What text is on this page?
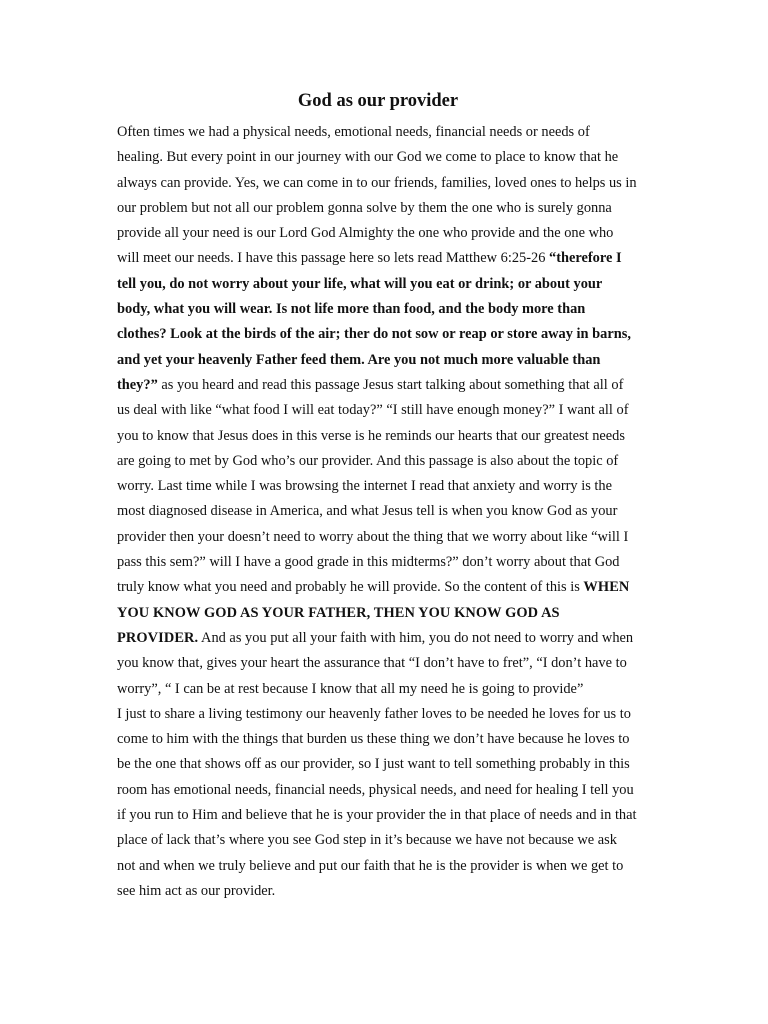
God as our provider

Often times we had a physical needs, emotional needs, financial needs or needs of healing. But every point in our journey with our God we come to place to know that he always can provide. Yes, we can come in to our friends, families, loved ones to helps us in our problem but not all our problem gonna solve by them the one who is surely gonna provide all your need is our Lord God Almighty the one who provide and the one who will meet our needs. I have this passage here so lets read Matthew 6:25-26 “therefore I tell you, do not worry about your life, what will you eat or drink; or about your body, what you will wear. Is not life more than food, and the body more than clothes? Look at the birds of the air; ther do not sow or reap or store away in barns, and yet your heavenly Father feed them. Are you not much more valuable than they?” as you heard and read this passage Jesus start talking about something that all of us deal with like “what food I will eat today?” “I still have enough money?” I want all of you to know that Jesus does in this verse is he reminds our hearts that our greatest needs are going to met by God who’s our provider. And this passage is also about the topic of worry. Last time while I was browsing the internet I read that anxiety and worry is the most diagnosed disease in America, and what Jesus tell is when you know God as your provider then your doesn’t need to worry about the thing that we worry about like “will I pass this sem?” will I have a good grade in this midterms?” don’t worry about that God truly know what you need and probably he will provide. So the content of this is WHEN YOU KNOW GOD AS YOUR FATHER, THEN YOU KNOW GOD AS PROVIDER. And as you put all your faith with him, you do not need to worry and when you know that, gives your heart the assurance that “I don’t have to fret”, “I don’t have to worry”, “ I can be at rest because I know that all my need he is going to provide”

I just to share a living testimony our heavenly father loves to be needed he loves for us to come to him with the things that burden us these thing we don’t have because he loves to be the one that shows off as our provider, so I just want to tell something probably in this room has emotional needs, financial needs, physical needs, and need for healing I tell you if you run to Him and believe that he is your provider the in that place of needs and in that place of lack that’s where you see God step in it’s because we have not because we ask not and when we truly believe and put our faith that he is the provider is when we get to see him act as our provider.
